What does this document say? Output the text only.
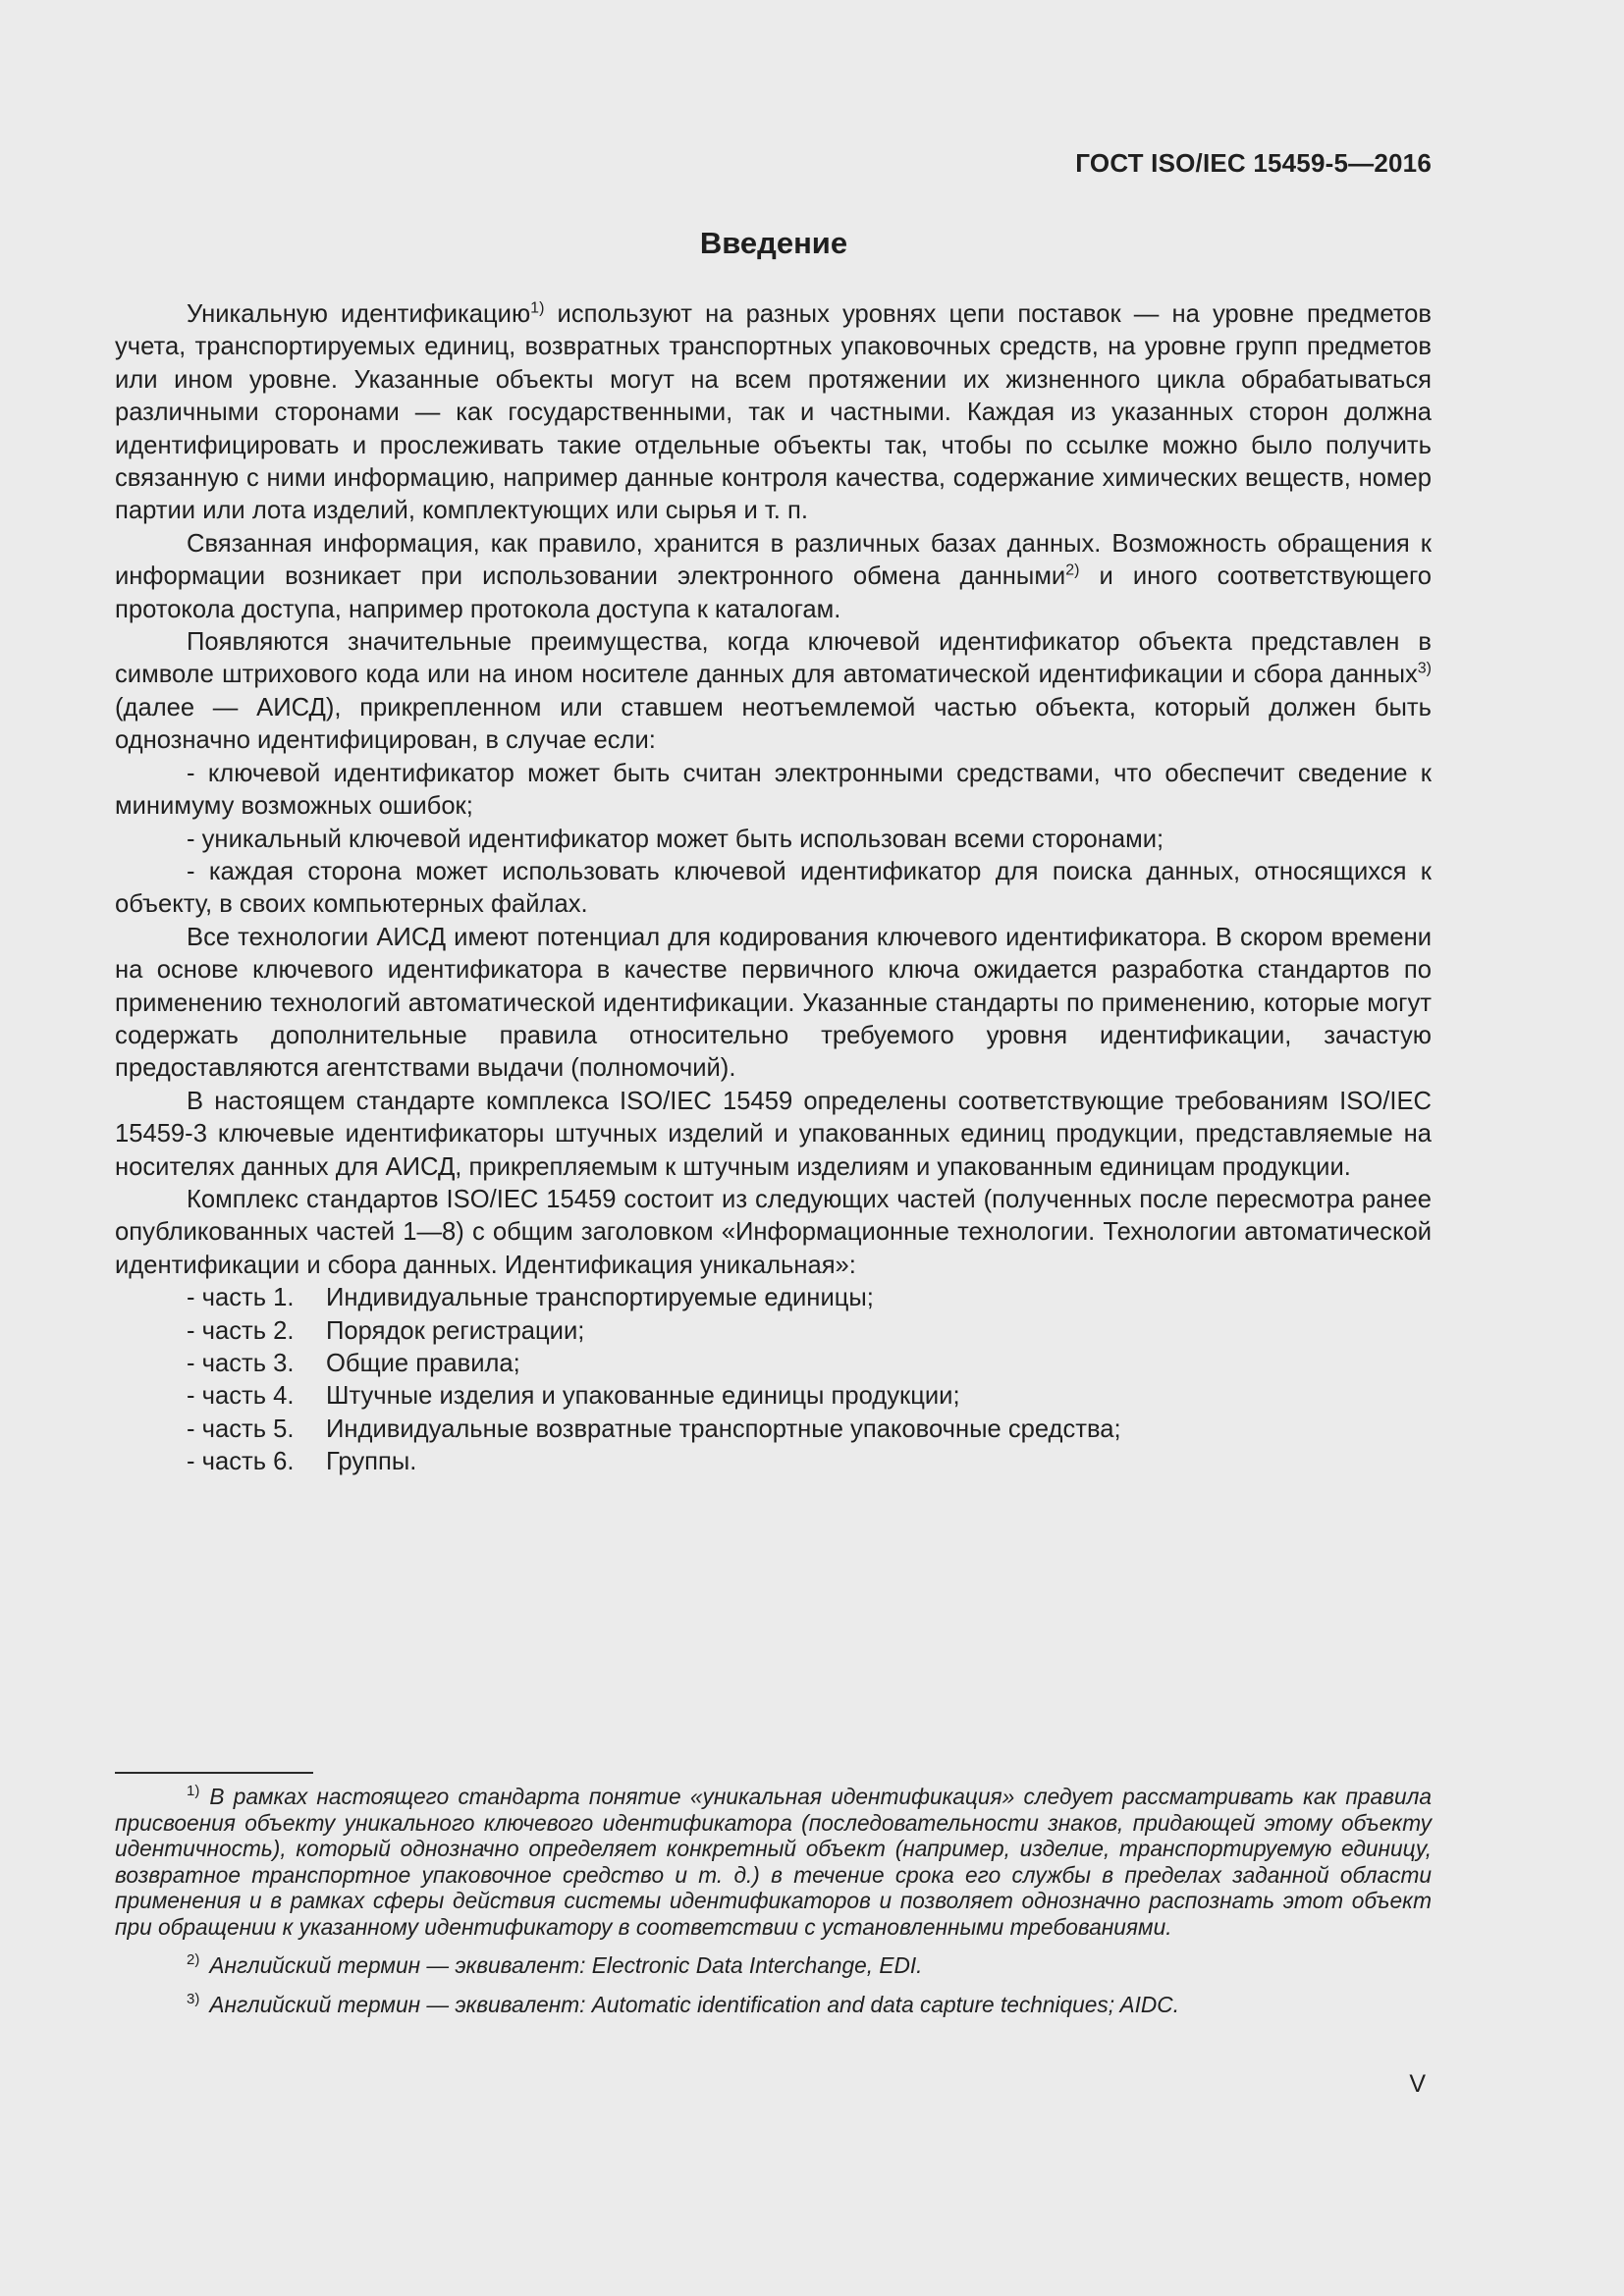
ГОСТ ISO/IEC 15459-5—2016
Введение

Уникальную идентификацию$^{1)}$ используют на разных уровнях цепи поставок — на уровне предметов учета, транспортируемых единиц, возвратных транспортных упаковочных средств, на уровне групп предметов или ином уровне. Указанные объекты могут на всем протяжении их жизненного цикла обрабатываться различными сторонами — как государственными, так и частными. Каждая из указанных сторон должна идентифицировать и прослеживать такие отдельные объекты так, чтобы по ссылке можно было получить связанную с ними информацию, например данные контроля качества, содержание химических веществ, номер партии или лота изделий, комплектующих или сырья и т. п.

Связанная информация, как правило, хранится в различных базах данных. Возможность обращения к информации возникает при использовании электронного обмена данными$^{2)}$ и иного соответствующего протокола доступа, например протокола доступа к каталогам.

Появляются значительные преимущества, когда ключевой идентификатор объекта представлен в символе штрихового кода или на ином носителе данных для автоматической идентификации и сбора данных$^{3)}$ (далее — АИСД), прикрепленном или ставшем неотъемлемой частью объекта, который должен быть однозначно идентифицирован, в случае если:

- ключевой идентификатор может быть считан электронными средствами, что обеспечит сведение к минимуму возможных ошибок;

- уникальный ключевой идентификатор может быть использован всеми сторонами;

- каждая сторона может использовать ключевой идентификатор для поиска данных, относящихся к объекту, в своих компьютерных файлах.

Все технологии АИСД имеют потенциал для кодирования ключевого идентификатора. В скором времени на основе ключевого идентификатора в качестве первичного ключа ожидается разработка стандартов по применению технологий автоматической идентификации. Указанные стандарты по применению, которые могут содержать дополнительные правила относительно требуемого уровня идентификации, зачастую предоставляются агентствами выдачи (полномочий).

В настоящем стандарте комплекса ISO/IEC 15459 определены соответствующие требованиям ISO/IEC 15459-3 ключевые идентификаторы штучных изделий и упакованных единиц продукции, представляемые на носителях данных для АИСД, прикрепляемым к штучным изделиям и упакованным единицам продукции.

Комплекс стандартов ISO/IEC 15459 состоит из следующих частей (полученных после пересмотра ранее опубликованных частей 1—8) с общим заголовком «Информационные технологии. Технологии автоматической идентификации и сбора данных. Идентификация уникальная»:

- часть 1.	Индивидуальные транспортируемые единицы;
- часть 2.	Порядок регистрации;
- часть 3.	Общие правила;
- часть 4.	Штучные изделия и упакованные единицы продукции;
- часть 5.	Индивидуальные возвратные транспортные упаковочные средства;
- часть 6.	Группы.

$^{1)}$ В рамках настоящего стандарта понятие «уникальная идентификация» следует рассматривать как правила присвоения объекту уникального ключевого идентификатора (последовательности знаков, придающей этому объекту идентичность), который однозначно определяет конкретный объект (например, изделие, транспортируемую единицу, возвратное транспортное упаковочное средство и т. д.) в течение срока его службы в пределах заданной области применения и в рамках сферы действия системы идентификаторов и позволяет однозначно распознать этот объект при обращении к указанному идентификатору в соответствии с установленными требованиями.

$^{2)}$ Английский термин — эквивалент: Electronic Data Interchange, EDI.

$^{3)}$ Английский термин — эквивалент: Automatic identification and data capture techniques; AIDC.

V
